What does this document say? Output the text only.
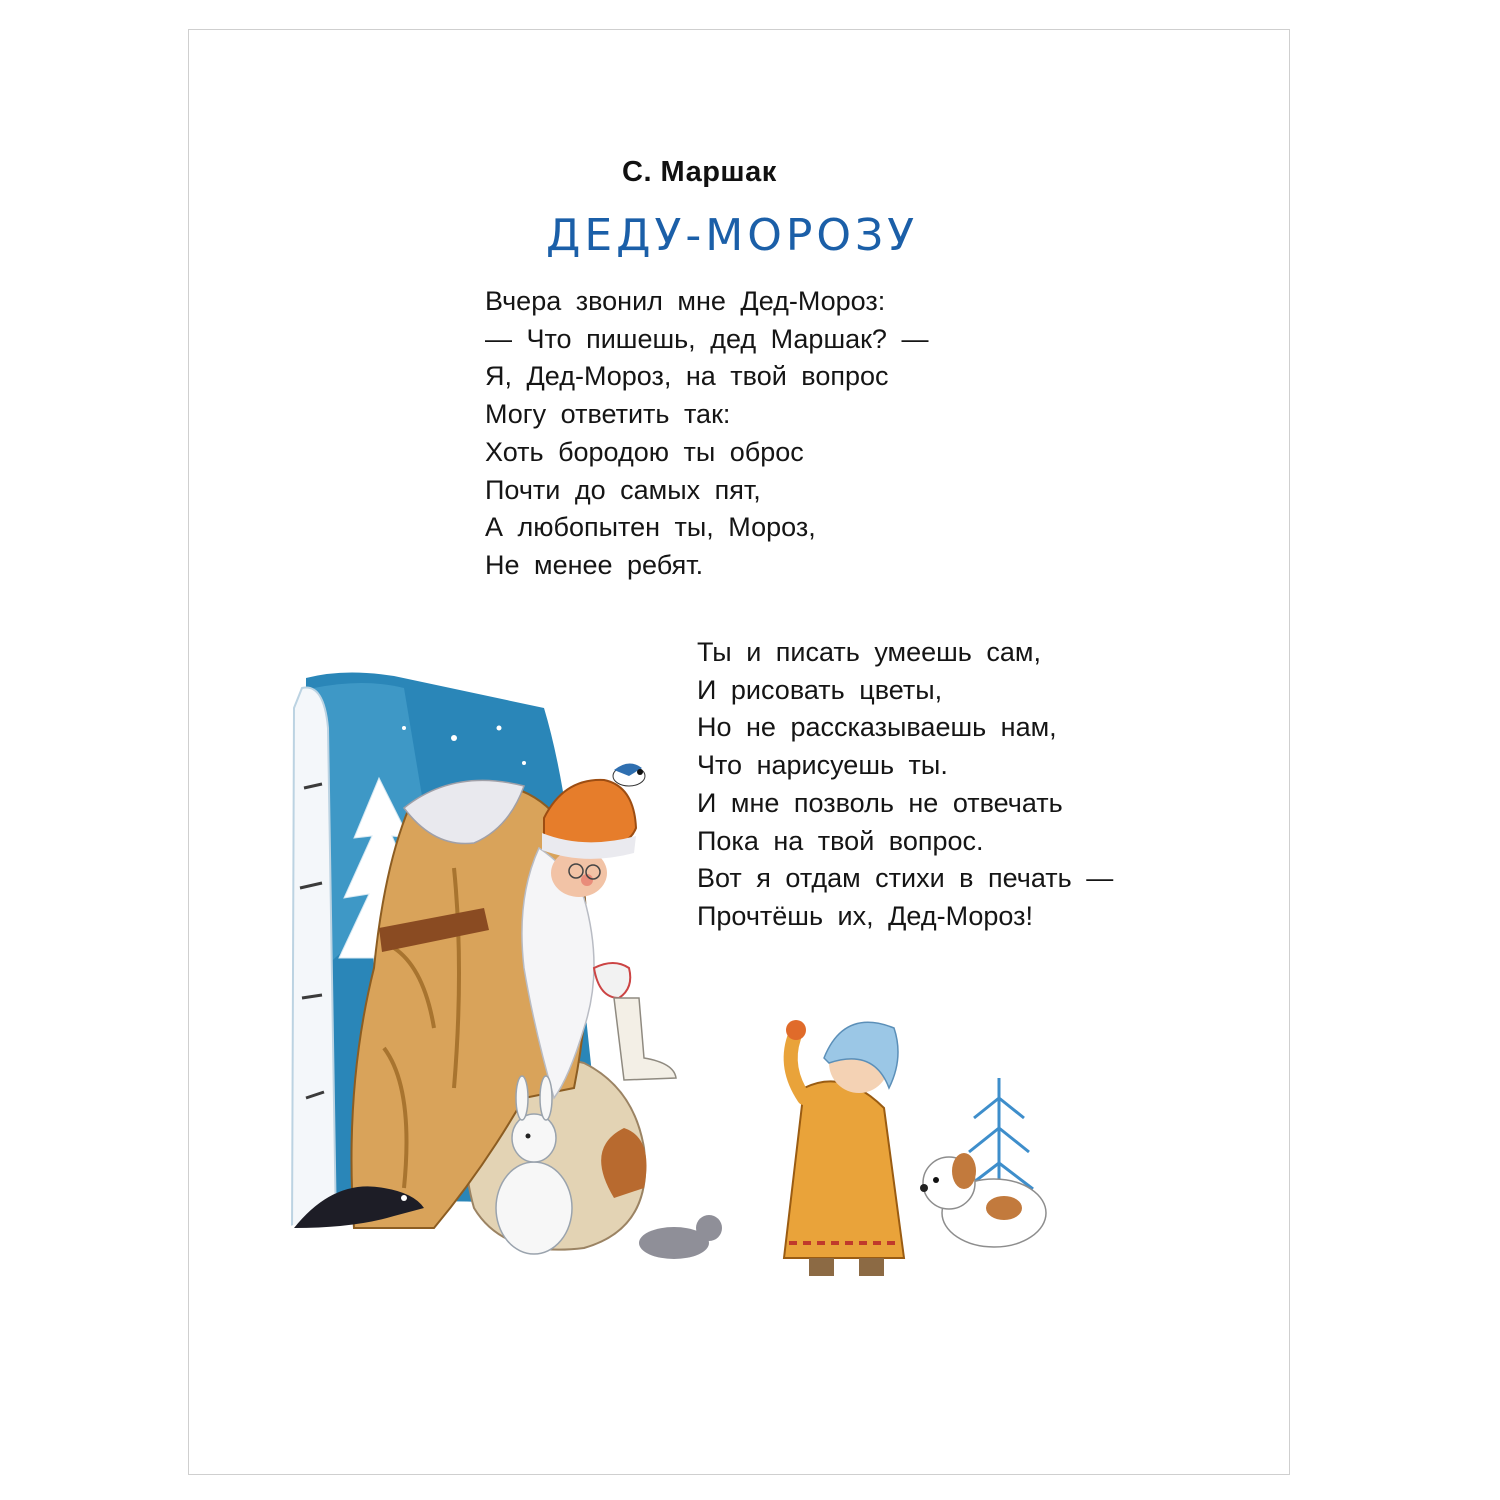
С. Маршак
ДЕДУ-МОРОЗУ
Вчера звонил мне Дед-Мороз:
— Что пишешь, дед Маршак? —
Я, Дед-Мороз, на твой вопрос
Могу ответить так:
Хоть бородою ты оброс
Почти до самых пят,
А любопытен ты, Мороз,
Не менее ребят.
Ты и писать умеешь сам,
И рисовать цветы,
Но не рассказываешь нам,
Что нарисуешь ты.
И мне позволь не отвечать
Пока на твой вопрос.
Вот я отдам стихи в печать —
Прочтёшь их, Дед-Мороз!
